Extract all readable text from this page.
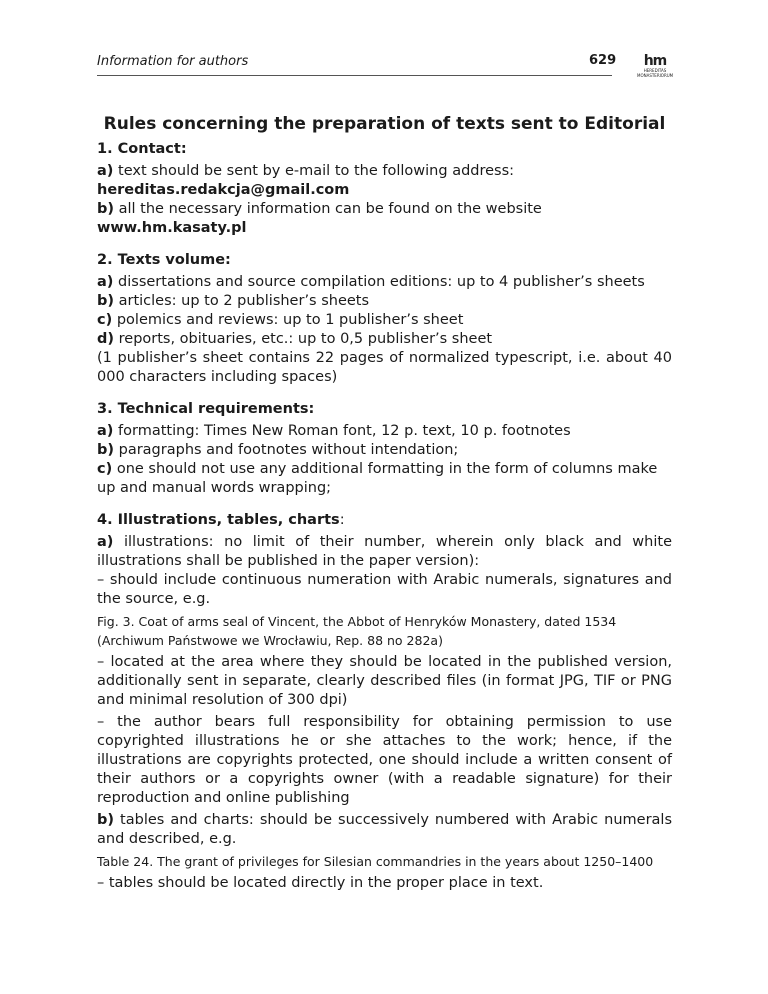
Information for authors	629	hm
HEREDITAS MONASTERIORUM
Rules concerning the preparation of texts sent to Editorial
1. Contact:

a) text should be sent by e-mail to the following address: hereditas.redakcja@gmail.com

b) all the necessary information can be found on the website www.hm.kasaty.pl

2. Texts volume:

a) dissertations and source compilation editions: up to 4 publisher’s sheets

b) articles: up to 2 publisher’s sheets

c) polemics and reviews: up to 1 publisher’s sheet

d) reports, obituaries, etc.: up to 0,5 publisher’s sheet

(1 publisher’s sheet contains 22 pages of normalized typescript, i.e. about 40 000 characters including spaces)

3. Technical requirements:

a) formatting: Times New Roman font, 12 p. text, 10 p. footnotes

b) paragraphs and footnotes without intendation;

c) one should not use any additional formatting in the form of columns make up and manual words wrapping;

4. Illustrations, tables, charts:

a) illustrations: no limit of their number, wherein only black and white illustrations shall be published in the paper version):

– should include continuous numeration with Arabic numerals, signatures and the source, e.g.

Fig. 3. Coat of arms seal of Vincent, the Abbot of Henryków Monastery, dated 1534 (Archiwum Państwowe we Wrocławiu, Rep. 88 no 282a)

– located at the area where they should be located in the published version, additionally sent in separate, clearly described files (in format JPG, TIF or PNG and minimal resolution of 300 dpi)

– the author bears full responsibility for obtaining permission to use copyrighted illustrations he or she attaches to the work; hence, if the illustrations are copyrights protected, one should include a written consent of their authors or a copyrights owner (with a readable signature) for their reproduction and online publishing

b) tables and charts: should be successively numbered with Arabic numerals and described, e.g.

Table 24. The grant of privileges for Silesian commandries in the years about 1250–1400

– tables should be located directly in the proper place in text.
